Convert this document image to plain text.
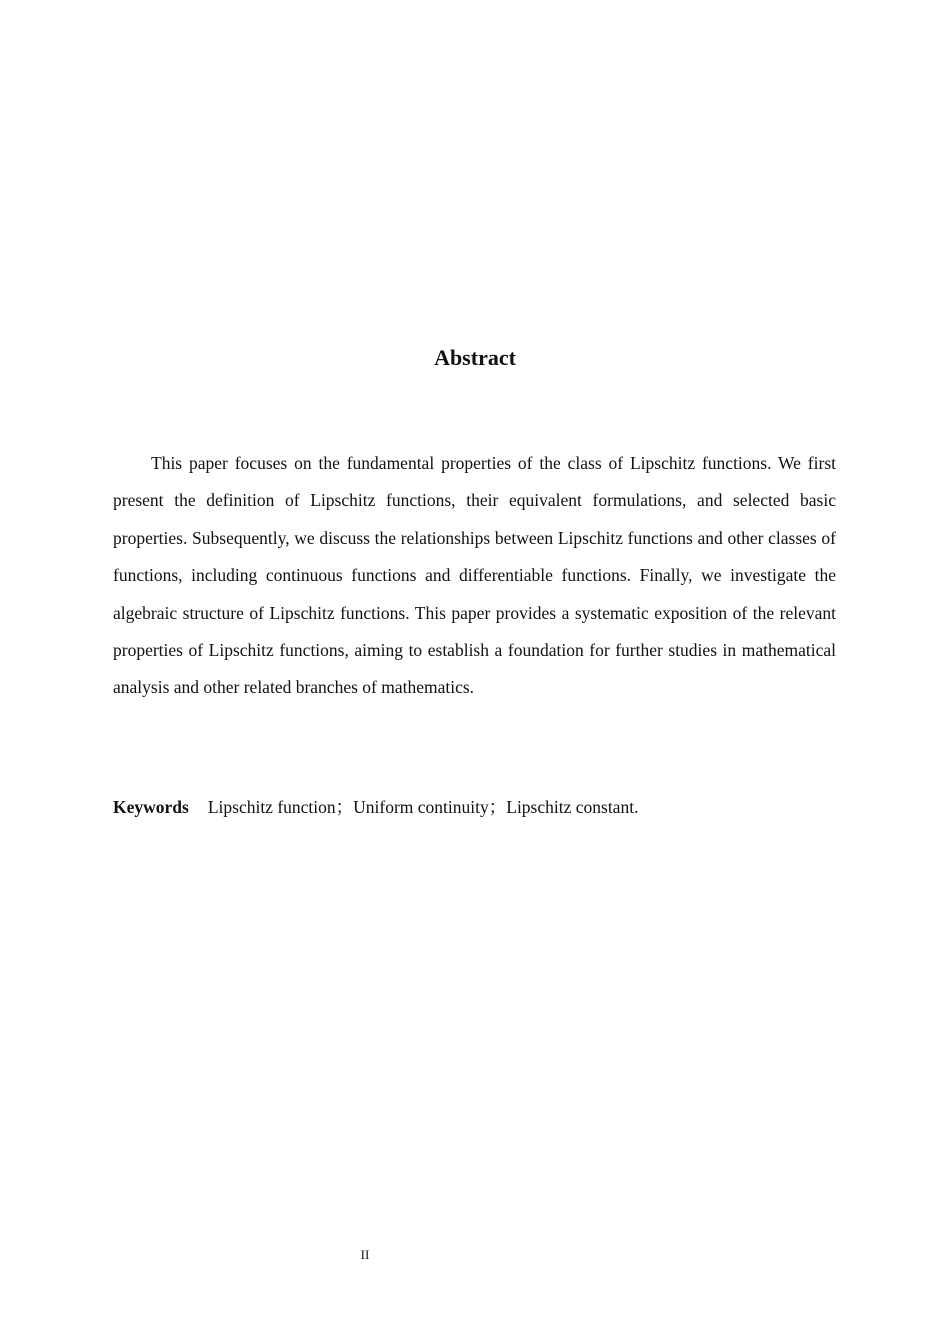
Abstract

This paper focuses on the fundamental properties of the class of Lipschitz functions. We first present the definition of Lipschitz functions, their equivalent formulations, and selected basic properties. Subsequently, we discuss the relationships between Lipschitz functions and other classes of functions, including continuous functions and differentiable functions. Finally, we investigate the algebraic structure of Lipschitz functions. This paper provides a systematic exposition of the relevant properties of Lipschitz functions, aiming to establish a foundation for further studies in mathematical analysis and other related branches of mathematics.

Keywords Lipschitz function；Uniform continuity；Lipschitz constant.
II
